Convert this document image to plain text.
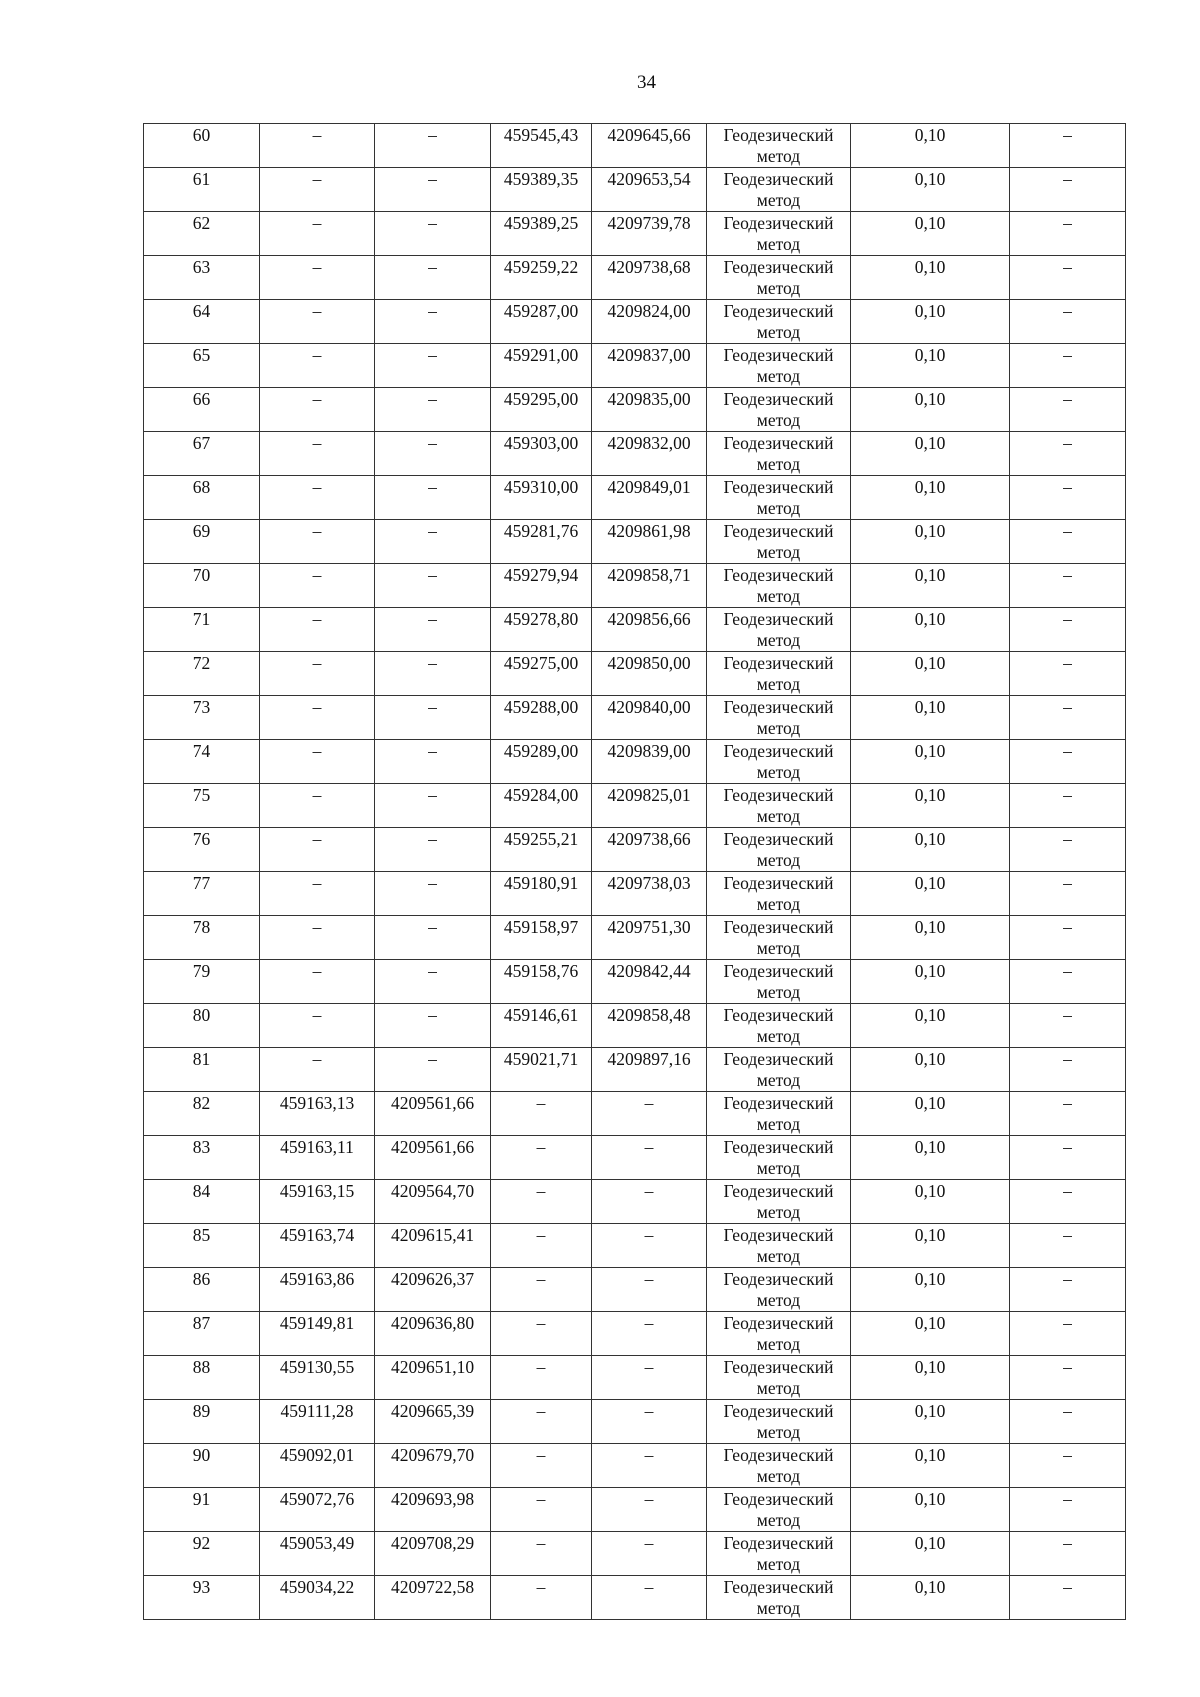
34
60	–	–	459545,43	4209645,66	Геодезический метод	0,10	–
61	–	–	459389,35	4209653,54	Геодезический метод	0,10	–
62	–	–	459389,25	4209739,78	Геодезический метод	0,10	–
63	–	–	459259,22	4209738,68	Геодезический метод	0,10	–
64	–	–	459287,00	4209824,00	Геодезический метод	0,10	–
65	–	–	459291,00	4209837,00	Геодезический метод	0,10	–
66	–	–	459295,00	4209835,00	Геодезический метод	0,10	–
67	–	–	459303,00	4209832,00	Геодезический метод	0,10	–
68	–	–	459310,00	4209849,01	Геодезический метод	0,10	–
69	–	–	459281,76	4209861,98	Геодезический метод	0,10	–
70	–	–	459279,94	4209858,71	Геодезический метод	0,10	–
71	–	–	459278,80	4209856,66	Геодезический метод	0,10	–
72	–	–	459275,00	4209850,00	Геодезический метод	0,10	–
73	–	–	459288,00	4209840,00	Геодезический метод	0,10	–
74	–	–	459289,00	4209839,00	Геодезический метод	0,10	–
75	–	–	459284,00	4209825,01	Геодезический метод	0,10	–
76	–	–	459255,21	4209738,66	Геодезический метод	0,10	–
77	–	–	459180,91	4209738,03	Геодезический метод	0,10	–
78	–	–	459158,97	4209751,30	Геодезический метод	0,10	–
79	–	–	459158,76	4209842,44	Геодезический метод	0,10	–
80	–	–	459146,61	4209858,48	Геодезический метод	0,10	–
81	–	–	459021,71	4209897,16	Геодезический метод	0,10	–
82	459163,13	4209561,66	–	–	Геодезический метод	0,10	–
83	459163,11	4209561,66	–	–	Геодезический метод	0,10	–
84	459163,15	4209564,70	–	–	Геодезический метод	0,10	–
85	459163,74	4209615,41	–	–	Геодезический метод	0,10	–
86	459163,86	4209626,37	–	–	Геодезический метод	0,10	–
87	459149,81	4209636,80	–	–	Геодезический метод	0,10	–
88	459130,55	4209651,10	–	–	Геодезический метод	0,10	–
89	459111,28	4209665,39	–	–	Геодезический метод	0,10	–
90	459092,01	4209679,70	–	–	Геодезический метод	0,10	–
91	459072,76	4209693,98	–	–	Геодезический метод	0,10	–
92	459053,49	4209708,29	–	–	Геодезический метод	0,10	–
93	459034,22	4209722,58	–	–	Геодезический метод	0,10	–
